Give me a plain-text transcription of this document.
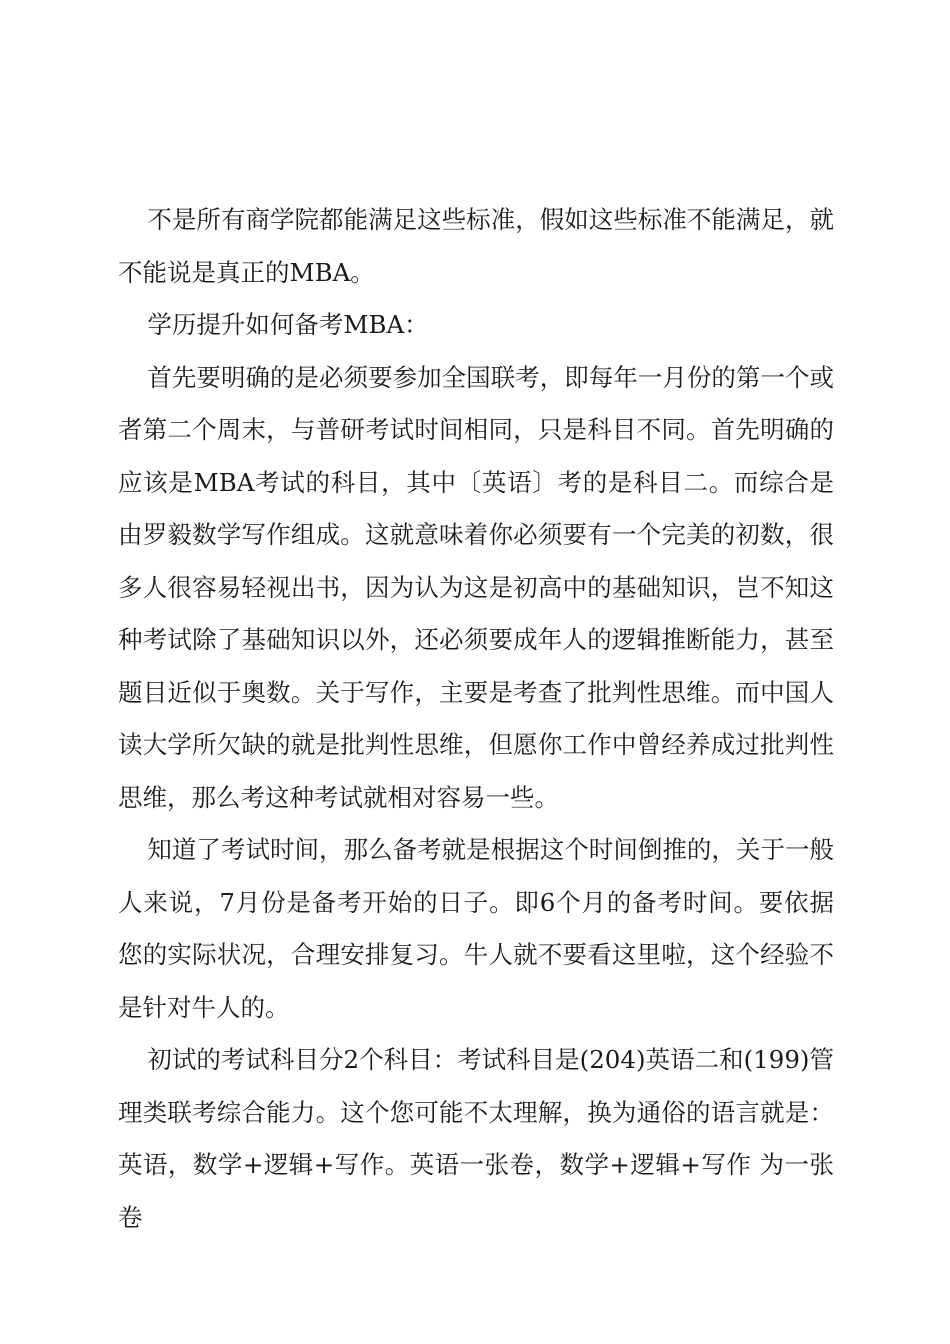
不是所有商学院都能满足这些标准，假如这些标准不能满足，就不能说是真正的MBA。

学历提升如何备考MBA：

首先要明确的是必须要参加全国联考，即每年一月份的第一个或者第二个周末，与普研考试时间相同，只是科目不同。首先明确的应该是MBA考试的科目，其中〔英语〕考的是科目二。而综合是由罗毅数学写作组成。这就意味着你必须要有一个完美的初数，很多人很容易轻视出书，因为认为这是初高中的基础知识，岂不知这种考试除了基础知识以外，还必须要成年人的逻辑推断能力，甚至题目近似于奥数。关于写作，主要是考查了批判性思维。而中国人读大学所欠缺的就是批判性思维，但愿你工作中曾经养成过批判性思维，那么考这种考试就相对容易一些。

知道了考试时间，那么备考就是根据这个时间倒推的，关于一般人来说，7月份是备考开始的日子。即6个月的备考时间。要依据您的实际状况，合理安排复习。牛人就不要看这里啦，这个经验不是针对牛人的。

初试的考试科目分2个科目：考试科目是(204)英语二和(199)管理类联考综合能力。这个您可能不太理解，换为通俗的语言就是：英语，数学+逻辑+写作。英语一张卷，数学+逻辑+写作 为一张卷
